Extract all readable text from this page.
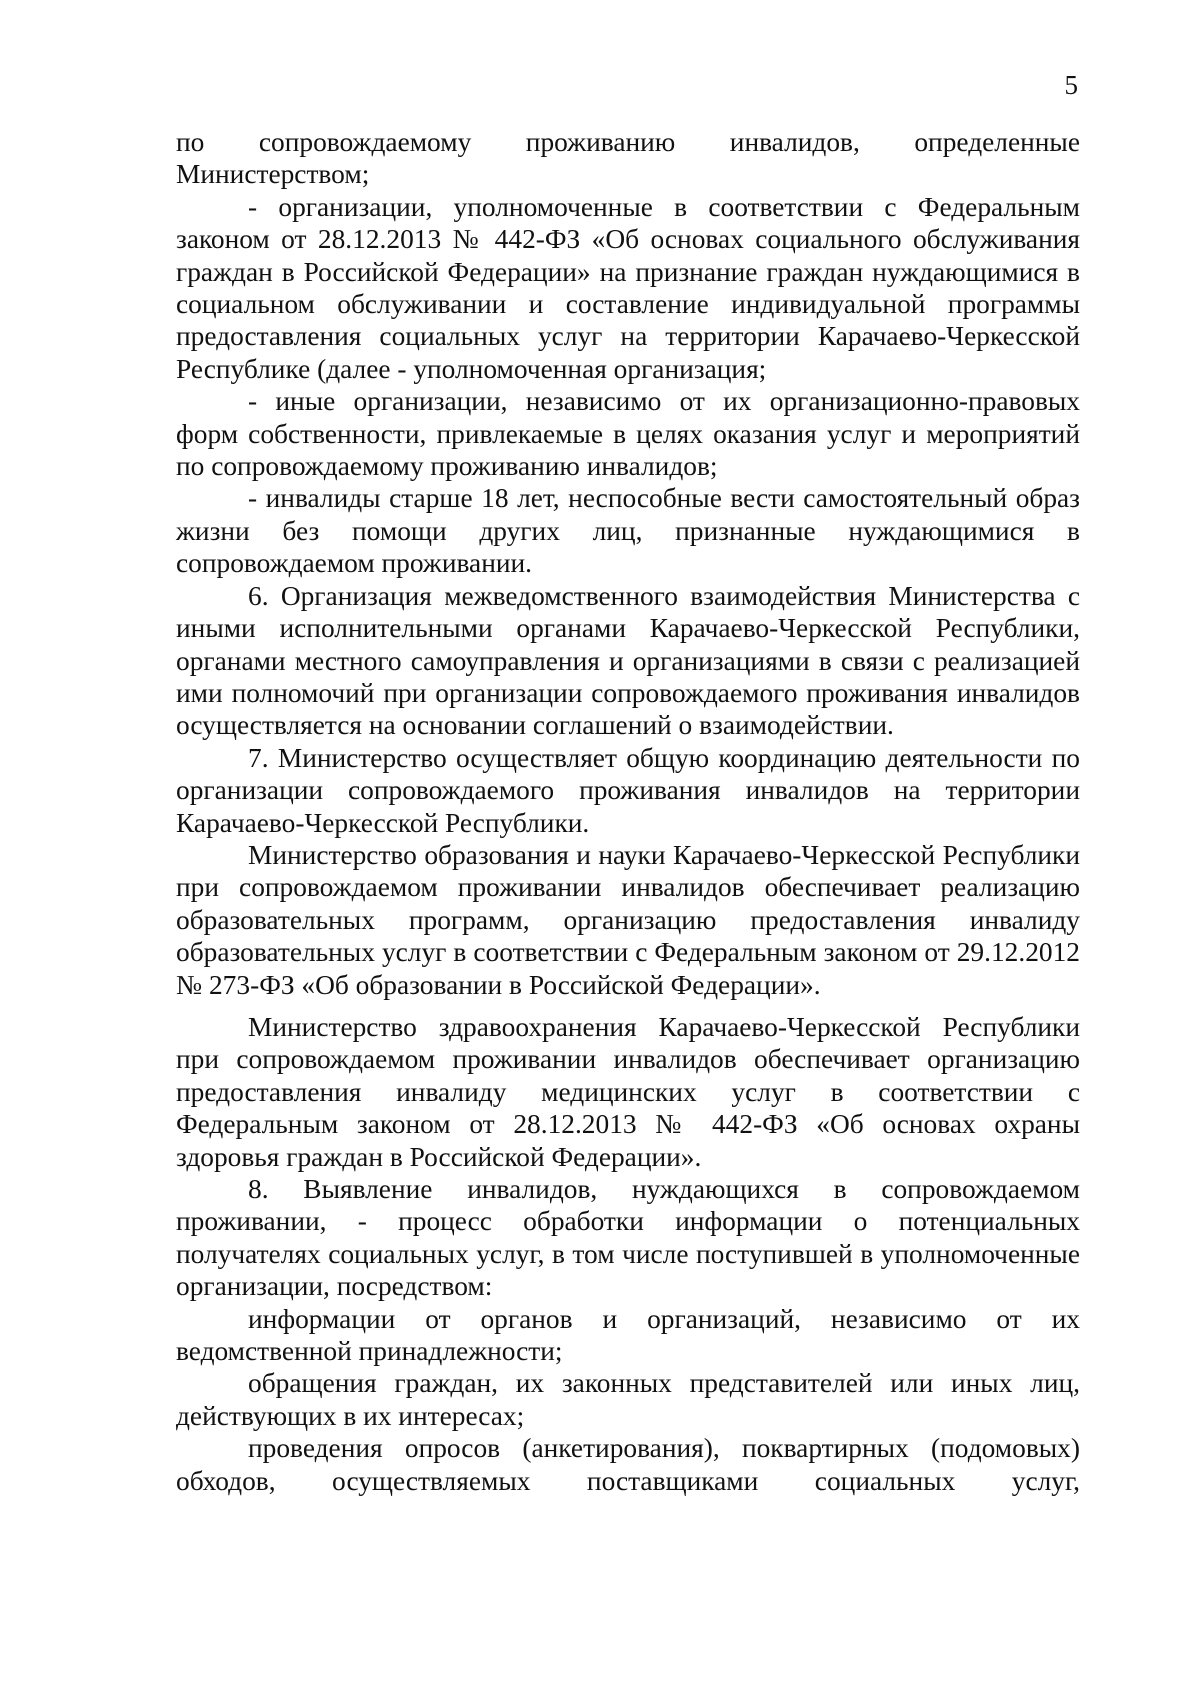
5

по сопровождаемому проживанию инвалидов, определенные Министерством;

- организации, уполномоченные в соответствии с Федеральным законом от 28.12.2013 № 442-ФЗ «Об основах социального обслуживания граждан в Российской Федерации» на признание граждан нуждающимися в социальном обслуживании и составление индивидуальной программы предоставления социальных услуг на территории Карачаево-Черкесской Республике (далее - уполномоченная организация;

- иные организации, независимо от их организационно-правовых форм собственности, привлекаемые в целях оказания услуг и мероприятий по сопровождаемому проживанию инвалидов;

- инвалиды старше 18 лет, неспособные вести самостоятельный образ жизни без помощи других лиц, признанные нуждающимися в сопровождаемом проживании.

6. Организация межведомственного взаимодействия Министерства с иными исполнительными органами Карачаево-Черкесской Республики, органами местного самоуправления и организациями в связи с реализацией ими полномочий при организации сопровождаемого проживания инвалидов осуществляется на основании соглашений о взаимодействии.

7. Министерство осуществляет общую координацию деятельности по организации сопровождаемого проживания инвалидов на территории Карачаево-Черкесской Республики.

Министерство образования и науки Карачаево-Черкесской Республики при сопровождаемом проживании инвалидов обеспечивает реализацию образовательных программ, организацию предоставления инвалиду образовательных услуг в соответствии с Федеральным законом от 29.12.2012 № 273-ФЗ «Об образовании в Российской Федерации».

Министерство здравоохранения Карачаево-Черкесской Республики при сопровождаемом проживании инвалидов обеспечивает организацию предоставления инвалиду медицинских услуг в соответствии с Федеральным законом от 28.12.2013 № 442-ФЗ «Об основах охраны здоровья граждан в Российской Федерации».

8. Выявление инвалидов, нуждающихся в сопровождаемом проживании, - процесс обработки информации о потенциальных получателях социальных услуг, в том числе поступившей в уполномоченные организации, посредством:

информации от органов и организаций, независимо от их ведомственной принадлежности;

обращения граждан, их законных представителей или иных лиц, действующих в их интересах;

проведения опросов (анкетирования), поквартирных (подомовых) обходов, осуществляемых поставщиками социальных услуг,
